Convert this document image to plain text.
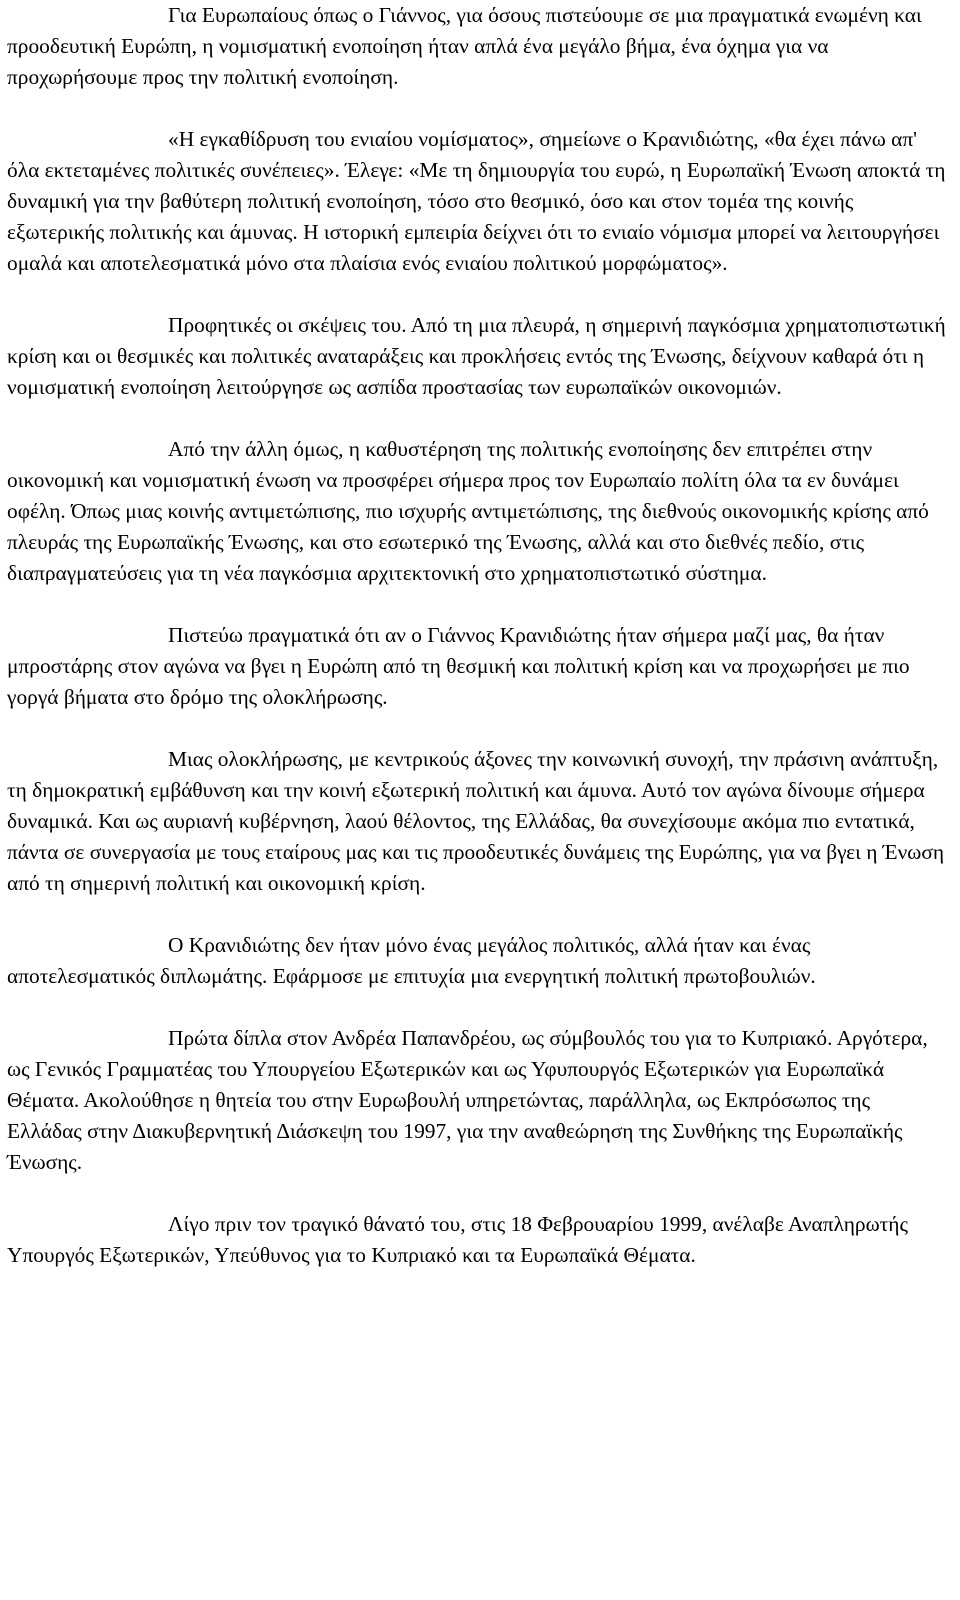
Για Ευρωπαίους όπως ο Γιάννος, για όσους πιστεύουμε σε μια πραγματικά ενωμένη και προοδευτική Ευρώπη, η νομισματική ενοποίηση ήταν απλά ένα μεγάλο βήμα, ένα όχημα για να προχωρήσουμε προς την πολιτική ενοποίηση.

«Η εγκαθίδρυση του ενιαίου νομίσματος», σημείωνε ο Κρανιδιώτης, «θα έχει πάνω απ' όλα εκτεταμένες πολιτικές συνέπειες». Έλεγε: «Με τη δημιουργία του ευρώ, η Ευρωπαϊκή Ένωση αποκτά τη δυναμική για την βαθύτερη πολιτική ενοποίηση, τόσο στο θεσμικό, όσο και στον τομέα της κοινής εξωτερικής πολιτικής και άμυνας. Η ιστορική εμπειρία δείχνει ότι το ενιαίο νόμισμα μπορεί να λειτουργήσει ομαλά και αποτελεσματικά μόνο στα πλαίσια ενός ενιαίου πολιτικού μορφώματος».

Προφητικές οι σκέψεις του. Από τη μια πλευρά, η σημερινή παγκόσμια χρηματοπιστωτική κρίση και οι θεσμικές και πολιτικές αναταράξεις και προκλήσεις εντός της Ένωσης, δείχνουν καθαρά ότι η νομισματική ενοποίηση λειτούργησε ως ασπίδα προστασίας των ευρωπαϊκών οικονομιών.

Από την άλλη όμως, η καθυστέρηση της πολιτικής ενοποίησης δεν επιτρέπει στην οικονομική και νομισματική ένωση να προσφέρει σήμερα προς τον Ευρωπαίο πολίτη όλα τα εν δυνάμει οφέλη. Όπως μιας κοινής αντιμετώπισης, πιο ισχυρής αντιμετώπισης, της διεθνούς οικονομικής κρίσης από πλευράς της Ευρωπαϊκής Ένωσης, και στο εσωτερικό της Ένωσης, αλλά και στο διεθνές πεδίο, στις διαπραγματεύσεις για τη νέα παγκόσμια αρχιτεκτονική στο χρηματοπιστωτικό σύστημα.

Πιστεύω πραγματικά ότι αν ο Γιάννος Κρανιδιώτης ήταν σήμερα μαζί μας, θα ήταν μπροστάρης στον αγώνα να βγει η Ευρώπη από τη θεσμική και πολιτική κρίση και να προχωρήσει με πιο γοργά βήματα στο δρόμο της ολοκλήρωσης.

Μιας ολοκλήρωσης, με κεντρικούς άξονες την κοινωνική συνοχή, την πράσινη ανάπτυξη, τη δημοκρατική εμβάθυνση και την κοινή εξωτερική πολιτική και άμυνα. Αυτό τον αγώνα δίνουμε σήμερα δυναμικά. Και ως αυριανή κυβέρνηση, λαού θέλοντος, της Ελλάδας, θα συνεχίσουμε ακόμα πιο εντατικά, πάντα σε συνεργασία με τους εταίρους μας και τις προοδευτικές δυνάμεις της Ευρώπης, για να βγει η Ένωση από τη σημερινή πολιτική και οικονομική κρίση.

Ο Κρανιδιώτης δεν ήταν μόνο ένας μεγάλος πολιτικός, αλλά ήταν και ένας αποτελεσματικός διπλωμάτης. Εφάρμοσε με επιτυχία μια ενεργητική πολιτική πρωτοβουλιών.

Πρώτα δίπλα στον Ανδρέα Παπανδρέου, ως σύμβουλός του για το Κυπριακό. Αργότερα, ως Γενικός Γραμματέας του Υπουργείου Εξωτερικών και ως Υφυπουργός Εξωτερικών για Ευρωπαϊκά Θέματα. Ακολούθησε η θητεία του στην Ευρωβουλή υπηρετώντας, παράλληλα, ως Εκπρόσωπος της Ελλάδας στην Διακυβερνητική Διάσκεψη του 1997, για την αναθεώρηση της Συνθήκης της Ευρωπαϊκής Ένωσης.

Λίγο πριν τον τραγικό θάνατό του, στις 18 Φεβρουαρίου 1999, ανέλαβε Αναπληρωτής Υπουργός Εξωτερικών, Υπεύθυνος για το Κυπριακό και τα Ευρωπαϊκά Θέματα.
